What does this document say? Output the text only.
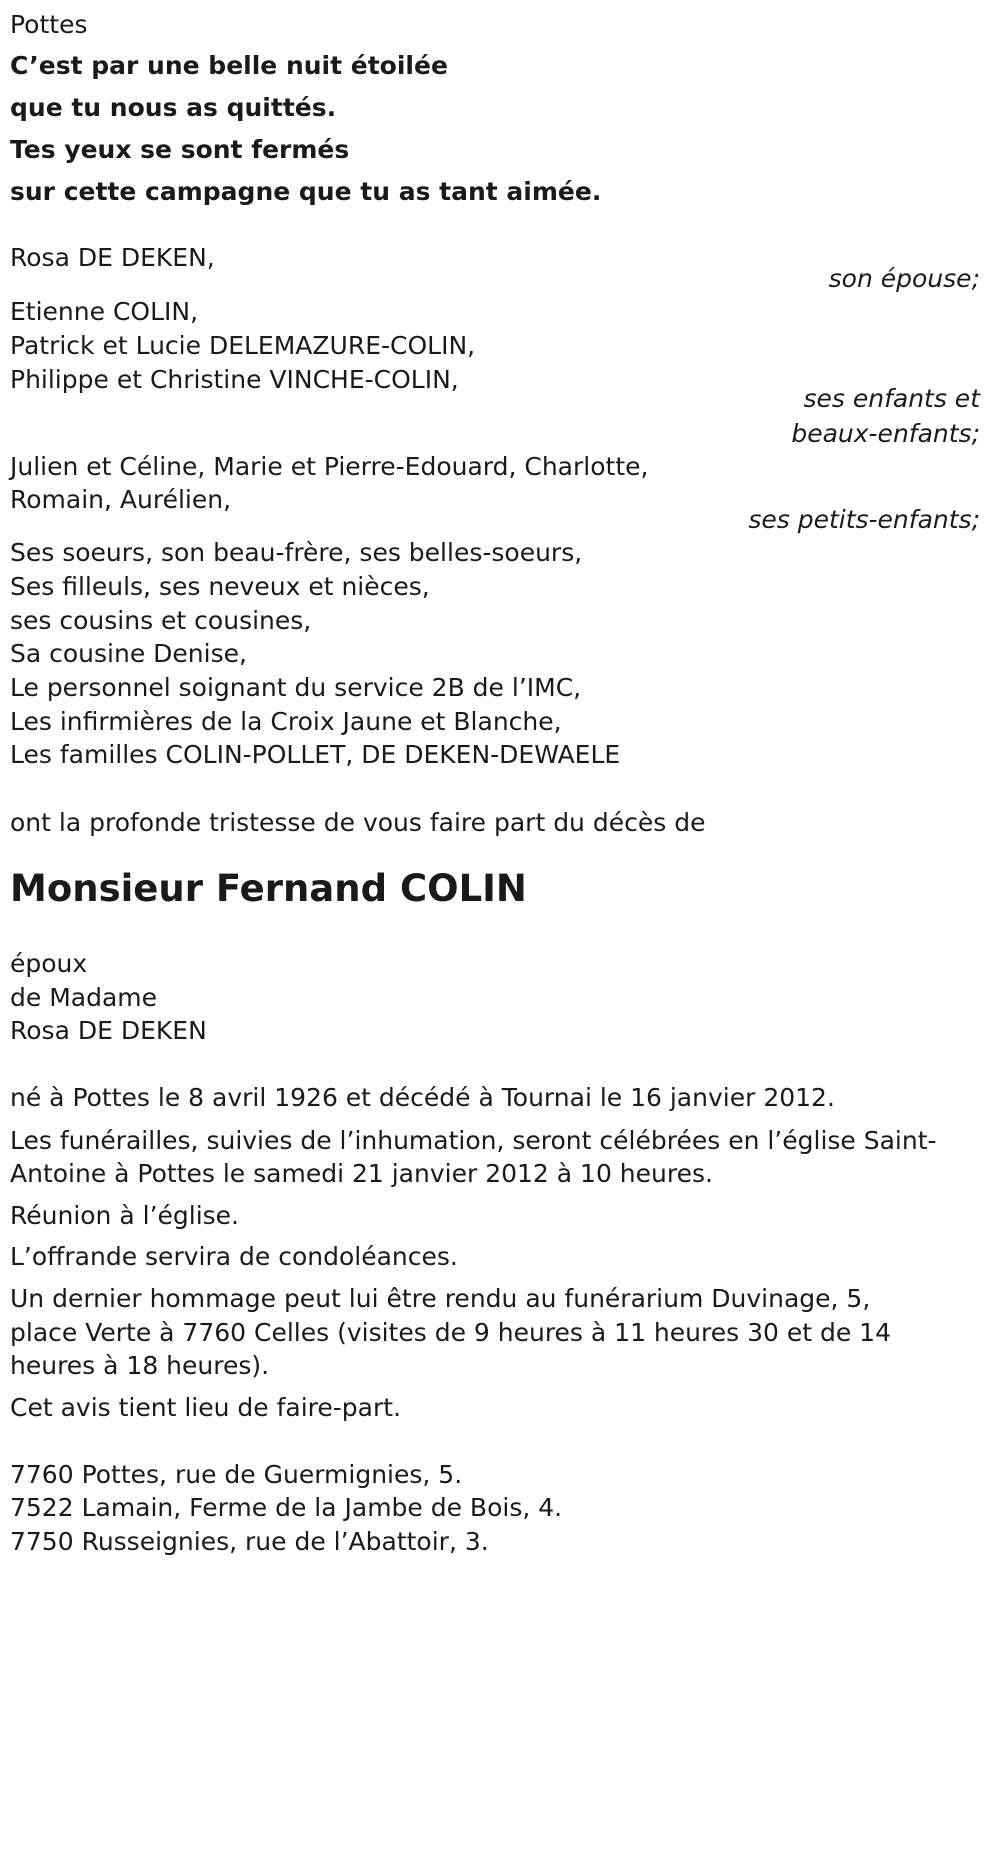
Pottes
C’est par une belle nuit étoilée
que tu nous as quittés.
Tes yeux se sont fermés
sur cette campagne que tu as tant aimée.
Rosa DE DEKEN,
son épouse;
Etienne COLIN,
Patrick et Lucie DELEMAZURE-COLIN,
Philippe et Christine VINCHE-COLIN,
ses enfants et
beaux-enfants;
Julien et Céline, Marie et Pierre-Edouard, Charlotte,
Romain, Aurélien,
ses petits-enfants;
Ses soeurs, son beau-frère, ses belles-soeurs,
Ses filleuls, ses neveux et nièces,
ses cousins et cousines,
Sa cousine Denise,
Le personnel soignant du service 2B de l’IMC,
Les infirmières de la Croix Jaune et Blanche,
Les familles COLIN-POLLET, DE DEKEN-DEWAELE
ont la profonde tristesse de vous faire part du décès de
Monsieur Fernand COLIN
époux
de Madame
Rosa DE DEKEN
né à Pottes le 8 avril 1926 et décédé à Tournai le 16 janvier 2012.
Les funérailles, suivies de l’inhumation, seront célébrées en l’église Saint-
Antoine à Pottes le samedi 21 janvier 2012 à 10 heures.
Réunion à l’église.
L’offrande servira de condoléances.
Un dernier hommage peut lui être rendu au funérarium Duvinage, 5,
place Verte à 7760 Celles (visites de 9 heures à 11 heures 30 et de 14
heures à 18 heures).
Cet avis tient lieu de faire-part.
7760 Pottes, rue de Guermignies, 5.
7522 Lamain, Ferme de la Jambe de Bois, 4.
7750 Russeignies, rue de l’Abattoir, 3.
